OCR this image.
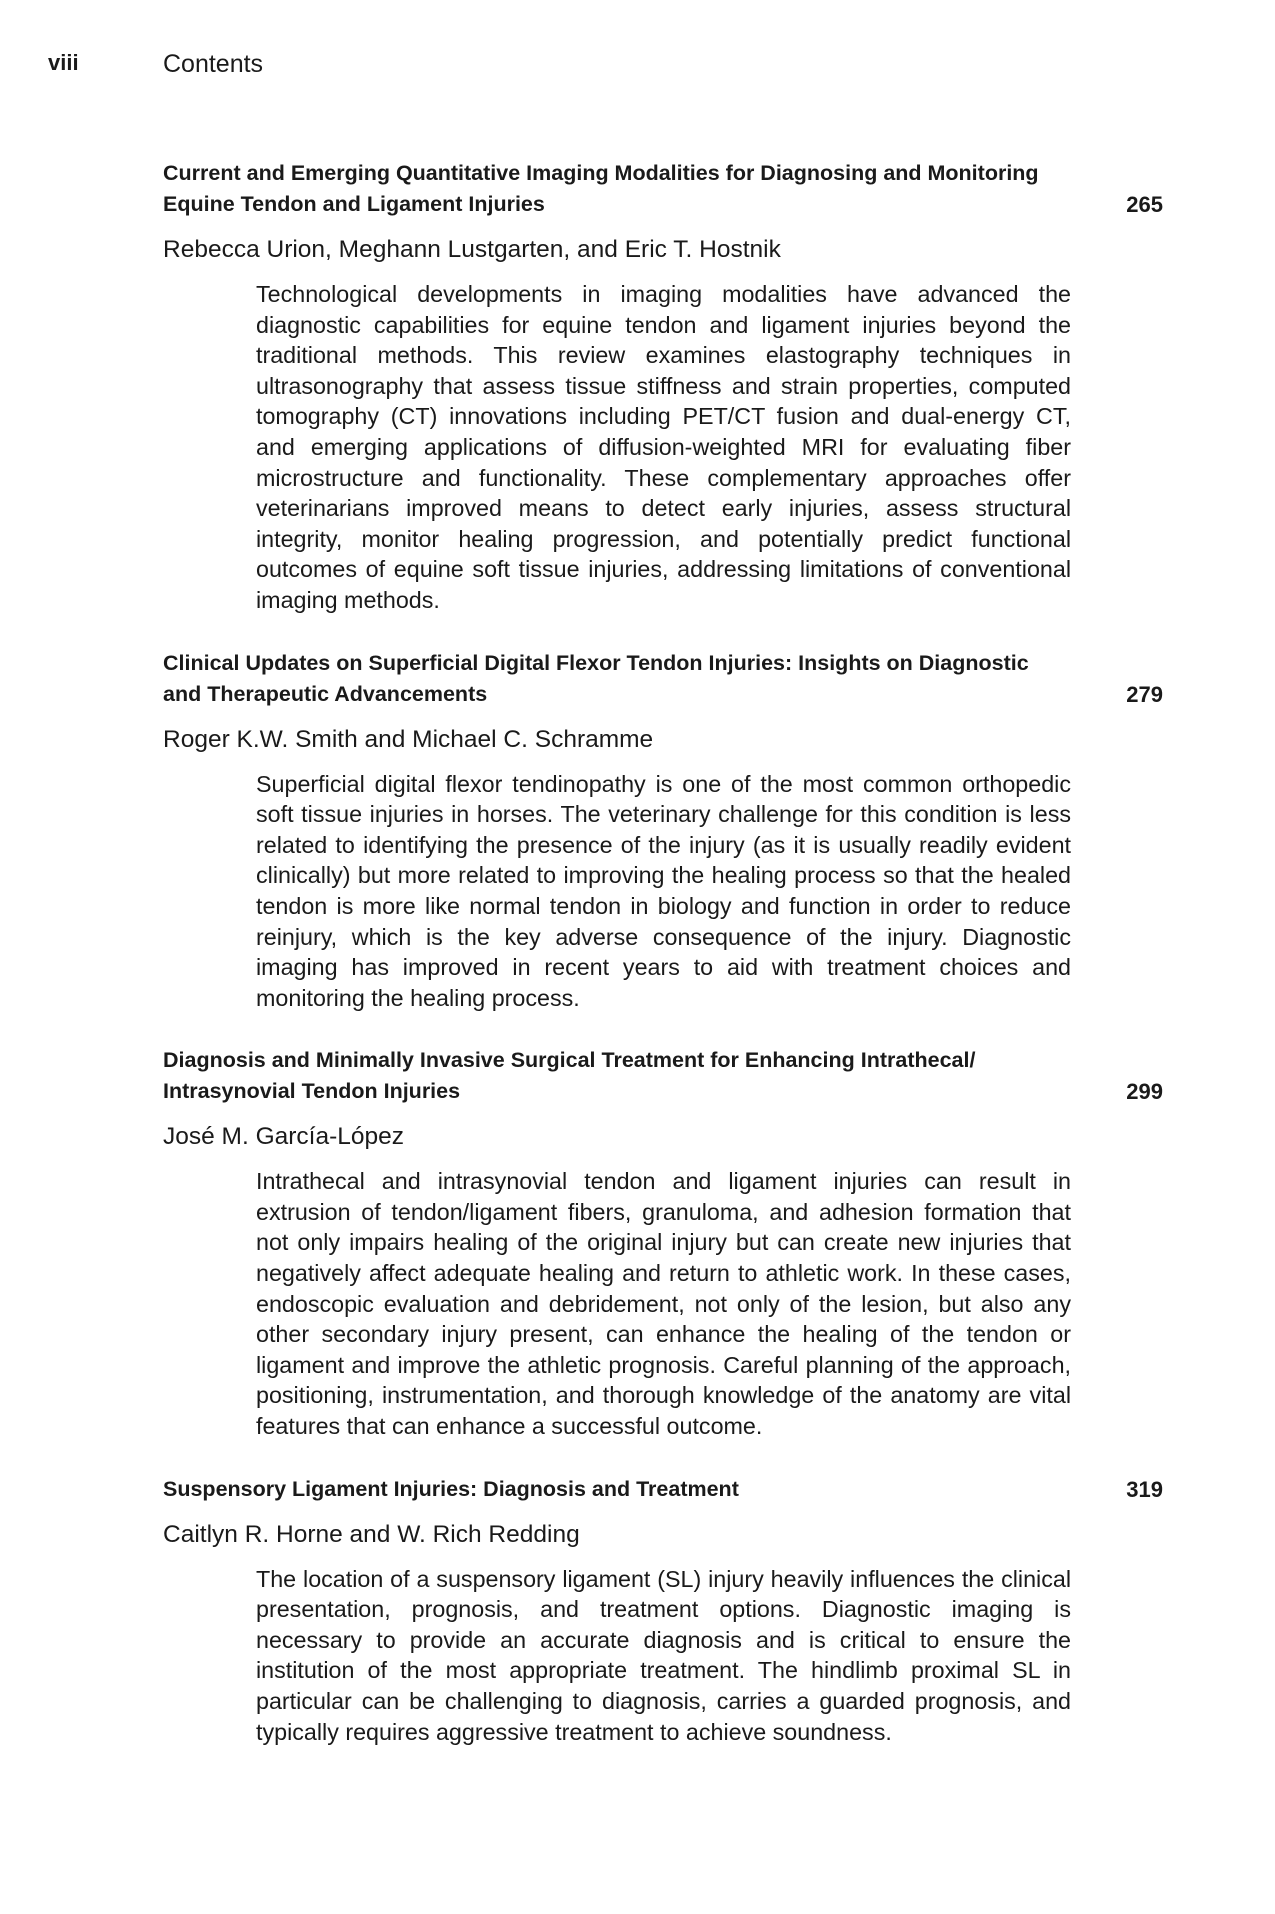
viii	Contents
Current and Emerging Quantitative Imaging Modalities for Diagnosing and Monitoring Equine Tendon and Ligament Injuries	265
Rebecca Urion, Meghann Lustgarten, and Eric T. Hostnik
Technological developments in imaging modalities have advanced the diagnostic capabilities for equine tendon and ligament injuries beyond the traditional methods. This review examines elastography techniques in ultrasonography that assess tissue stiffness and strain properties, computed tomography (CT) innovations including PET/CT fusion and dual-energy CT, and emerging applications of diffusion-weighted MRI for evaluating fiber microstructure and functionality. These complementary approaches offer veterinarians improved means to detect early injuries, assess structural integrity, monitor healing progression, and potentially predict functional outcomes of equine soft tissue injuries, addressing limitations of conventional imaging methods.
Clinical Updates on Superficial Digital Flexor Tendon Injuries: Insights on Diagnostic and Therapeutic Advancements	279
Roger K.W. Smith and Michael C. Schramme
Superficial digital flexor tendinopathy is one of the most common orthopedic soft tissue injuries in horses. The veterinary challenge for this condition is less related to identifying the presence of the injury (as it is usually readily evident clinically) but more related to improving the healing process so that the healed tendon is more like normal tendon in biology and function in order to reduce reinjury, which is the key adverse consequence of the injury. Diagnostic imaging has improved in recent years to aid with treatment choices and monitoring the healing process.
Diagnosis and Minimally Invasive Surgical Treatment for Enhancing Intrathecal/ Intrasynovial Tendon Injuries	299
José M. García-López
Intrathecal and intrasynovial tendon and ligament injuries can result in extrusion of tendon/ligament fibers, granuloma, and adhesion formation that not only impairs healing of the original injury but can create new injuries that negatively affect adequate healing and return to athletic work. In these cases, endoscopic evaluation and debridement, not only of the lesion, but also any other secondary injury present, can enhance the healing of the tendon or ligament and improve the athletic prognosis. Careful planning of the approach, positioning, instrumentation, and thorough knowledge of the anatomy are vital features that can enhance a successful outcome.
Suspensory Ligament Injuries: Diagnosis and Treatment	319
Caitlyn R. Horne and W. Rich Redding
The location of a suspensory ligament (SL) injury heavily influences the clinical presentation, prognosis, and treatment options. Diagnostic imaging is necessary to provide an accurate diagnosis and is critical to ensure the institution of the most appropriate treatment. The hindlimb proximal SL in particular can be challenging to diagnosis, carries a guarded prognosis, and typically requires aggressive treatment to achieve soundness.
